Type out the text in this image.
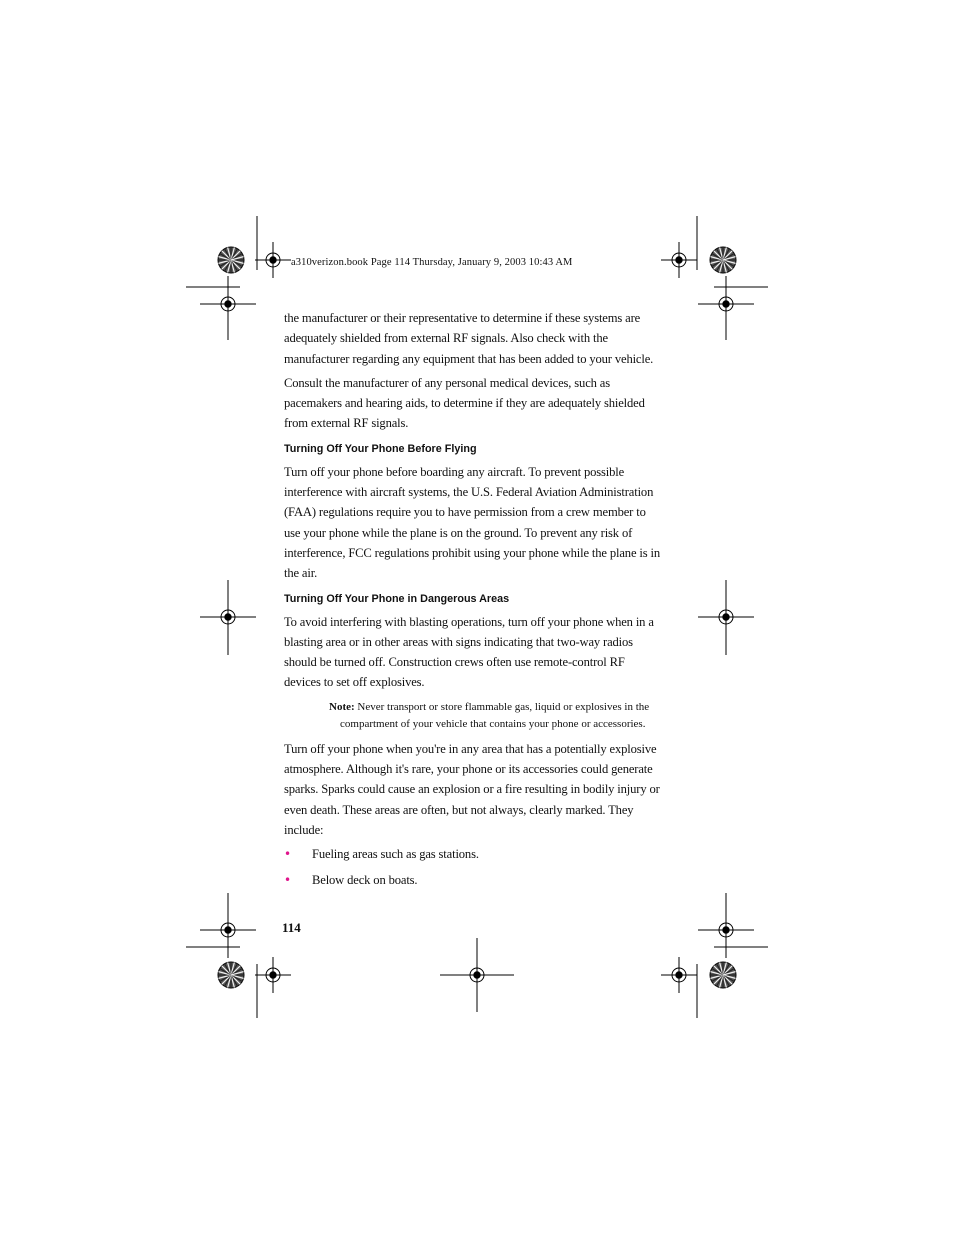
a310verizon.book Page 114 Thursday, January 9, 2003 10:43 AM

the manufacturer or their representative to determine if these systems are adequately shielded from external RF signals. Also check with the manufacturer regarding any equipment that has been added to your vehicle.

Consult the manufacturer of any personal medical devices, such as pacemakers and hearing aids, to determine if they are adequately shielded from external RF signals.

Turning Off Your Phone Before Flying

Turn off your phone before boarding any aircraft. To prevent possible interference with aircraft systems, the U.S. Federal Aviation Administration (FAA) regulations require you to have permission from a crew member to use your phone while the plane is on the ground. To prevent any risk of interference, FCC regulations prohibit using your phone while the plane is in the air.

Turning Off Your Phone in Dangerous Areas

To avoid interfering with blasting operations, turn off your phone when in a blasting area or in other areas with signs indicating that two-way radios should be turned off. Construction crews often use remote-control RF devices to set off explosives.

Note: Never transport or store flammable gas, liquid or explosives in the
compartment of your vehicle that contains your phone or accessories.

Turn off your phone when you're in any area that has a potentially explosive atmosphere. Although it's rare, your phone or its accessories could generate sparks. Sparks could cause an explosion or a fire resulting in bodily injury or even death. These areas are often, but not always, clearly marked. They include:

• Fueling areas such as gas stations.
• Below deck on boats.
114
